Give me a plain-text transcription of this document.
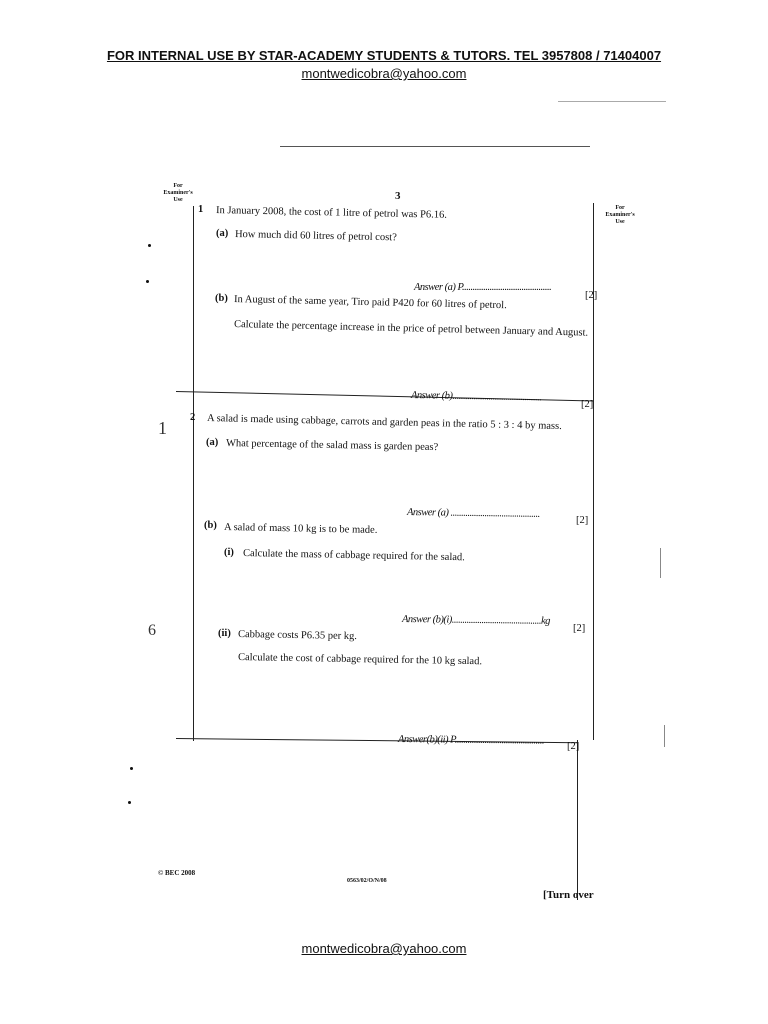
FOR INTERNAL USE BY STAR-ACADEMY STUDENTS & TUTORS. TEL 3957808 / 71404007
montwedicobra@yahoo.com
For Examiner's Use
For Examiner's Use
3
1 In January 2008, the cost of 1 litre of petrol was P6.16.
(a) How much did 60 litres of petrol cost?
Answer (a) P..........................................
[2]
(b) In August of the same year, Tiro paid P420 for 60 litres of petrol.
Calculate the percentage increase in the price of petrol between January and August.
Answer (b)..........................................
[2]
2 A salad is made using cabbage, carrots and garden peas in the ratio 5 : 3 : 4 by mass.
(a) What percentage of the salad mass is garden peas?
Answer (a) ..........................................
[2]
(b) A salad of mass 10 kg is to be made.
(i) Calculate the mass of cabbage required for the salad.
Answer (b)(i)..........................................kg
[2]
(ii) Cabbage costs P6.35 per kg.
Calculate the cost of cabbage required for the 10 kg salad.
Answer(b)(ii) P.......................................... [2]
1
6
© BEC 2008
0563/02/O/N/08
[Turn over
montwedicobra@yahoo.com
